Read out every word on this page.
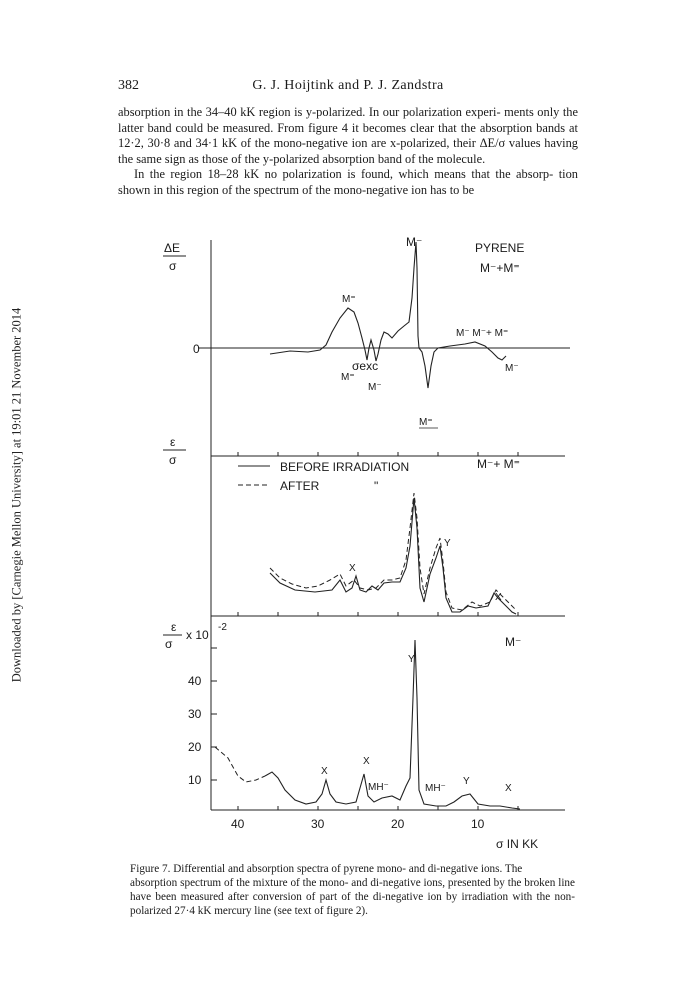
Downloaded by [Carnegie Mellon University] at 19:01 21 November 2014
382	G. J. Hoijtink and P. J. Zandstra

absorption in the 34–40 kK region is y-polarized. In our polarization experi- ments only the latter band could be measured. From figure 4 it becomes clear that the absorption bands at 12·2, 30·8 and 34·1 kK of the mono-negative ion are x-polarized, their ΔE/σ values having the same sign as those of the y-polarized absorption band of the molecule.

In the region 18–28 kK no polarization is found, which means that the absorp- tion shown in this region of the spectrum of the mono-negative ion has to be

ΔE
σ
0
PYRENE
M⁻+M⁼
M⁻
M⁼
σexc
M⁼
M⁻
M⁻ M⁻+ M⁼
M⁻
M⁼
ε
σ	M⁻+ M⁼
BEFORE IRRADIATION
AFTER	"
Y
X
X
ε
σ
x 10
-2
M⁻
40
30
20
10
Y
X
X
MH⁻	MH⁻
Y
X
40	30	20	10
σ IN KK
Figure 7. Differential and absorption spectra of pyrene mono- and di-negative ions. The
absorption spectrum of the mixture of the mono- and di-negative ions, presented by the broken line have been measured after conversion of part of the di-negative ion by irradiation with the non-polarized 27·4 kK mercury line (see text of figure 2).
